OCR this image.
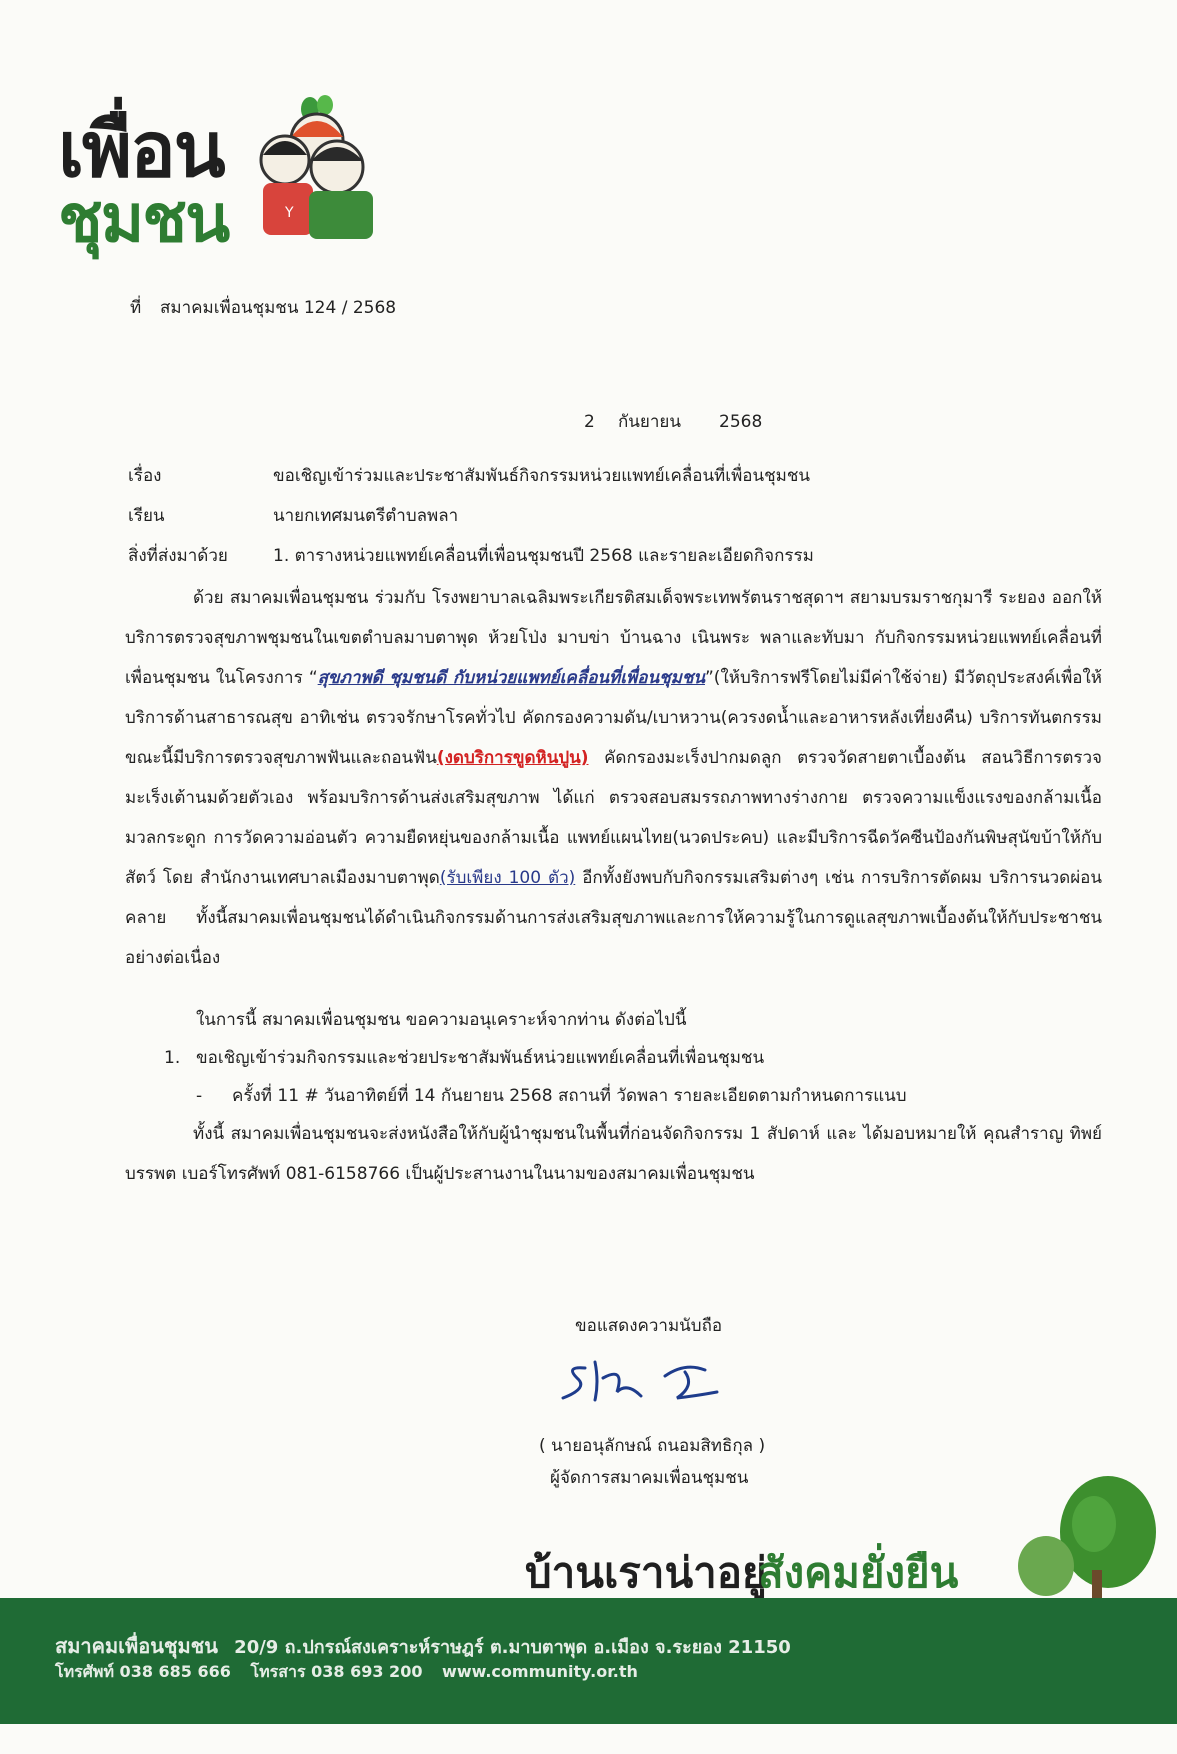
เพื่อน
ชุมชน	Y
ที่ สมาคมเพื่อนชุมชน 124 / 2568
2 กันยายน 2568
เรื่อง	ขอเชิญเข้าร่วมและประชาสัมพันธ์กิจกรรมหน่วยแพทย์เคลื่อนที่เพื่อนชุมชน
เรียน	นายกเทศมนตรีตำบลพลา
สิ่งที่ส่งมาด้วย	1. ตารางหน่วยแพทย์เคลื่อนที่เพื่อนชุมชนปี 2568 และรายละเอียดกิจกรรม
ด้วย สมาคมเพื่อนชุมชน ร่วมกับ โรงพยาบาลเฉลิมพระเกียรติสมเด็จพระเทพรัตนราชสุดาฯ สยามบรมราชกุมารี ระยอง ออกให้บริการตรวจสุขภาพชุมชนในเขตตำบลมาบตาพุด ห้วยโป่ง มาบข่า บ้านฉาง เนินพระ พลาและทับมา กับกิจกรรมหน่วยแพทย์เคลื่อนที่เพื่อนชุมชน ในโครงการ “สุขภาพดี ชุมชนดี กับหน่วยแพทย์เคลื่อนที่เพื่อนชุมชน”(ให้บริการฟรีโดยไม่มีค่าใช้จ่าย) มีวัตถุประสงค์เพื่อให้บริการด้านสาธารณสุข อาทิเช่น ตรวจรักษาโรคทั่วไป คัดกรองความดัน/เบาหวาน(ควรงดน้ำและอาหารหลังเที่ยงคืน) บริการทันตกรรม ขณะนี้มีบริการตรวจสุขภาพฟันและถอนฟัน(งดบริการขูดหินปูน) คัดกรองมะเร็งปากมดลูก ตรวจวัดสายตาเบื้องต้น สอนวิธีการตรวจมะเร็งเต้านมด้วยตัวเอง พร้อมบริการด้านส่งเสริมสุขภาพ ได้แก่ ตรวจสอบสมรรถภาพทางร่างกาย ตรวจความแข็งแรงของกล้ามเนื้อ มวลกระดูก การวัดความอ่อนตัว ความยืดหยุ่นของกล้ามเนื้อ แพทย์แผนไทย(นวดประคบ) และมีบริการฉีดวัคซีนป้องกันพิษสุนัขบ้าให้กับสัตว์ โดย สำนักงานเทศบาลเมืองมาบตาพุด(รับเพียง 100 ตัว) อีกทั้งยังพบกับกิจกรรมเสริมต่างๆ เช่น การบริการตัดผม บริการนวดผ่อนคลาย ทั้งนี้สมาคมเพื่อนชุมชนได้ดำเนินกิจกรรมด้านการส่งเสริมสุขภาพและการให้ความรู้ในการดูแลสุขภาพเบื้องต้นให้กับประชาชน อย่างต่อเนื่อง
ในการนี้ สมาคมเพื่อนชุมชน ขอความอนุเคราะห์จากท่าน ดังต่อไปนี้
1. ขอเชิญเข้าร่วมกิจกรรมและช่วยประชาสัมพันธ์หน่วยแพทย์เคลื่อนที่เพื่อนชุมชน
- ครั้งที่ 11 # วันอาทิตย์ที่ 14 กันยายน 2568 สถานที่ วัดพลา รายละเอียดตามกำหนดการแนบ
ทั้งนี้ สมาคมเพื่อนชุมชนจะส่งหนังสือให้กับผู้นำชุมชนในพื้นที่ก่อนจัดกิจกรรม 1 สัปดาห์ และ ได้มอบหมายให้ คุณสำราญ ทิพย์บรรพต เบอร์โทรศัพท์ 081-6158766 เป็นผู้ประสานงานในนามของสมาคมเพื่อนชุมชน
ขอแสดงความนับถือ
( นายอนุลักษณ์ ถนอมสิทธิกุล )
ผู้จัดการสมาคมเพื่อนชุมชน
บ้านเราน่าอยู่
สังคมยั่งยืน
สมาคมเพื่อนชุมชน 20/9 ถ.ปกรณ์สงเคราะห์ราษฎร์ ต.มาบตาพุด อ.เมือง จ.ระยอง 21150
โทรศัพท์ 038 685 666 โทรสาร 038 693 200 www.community.or.th
